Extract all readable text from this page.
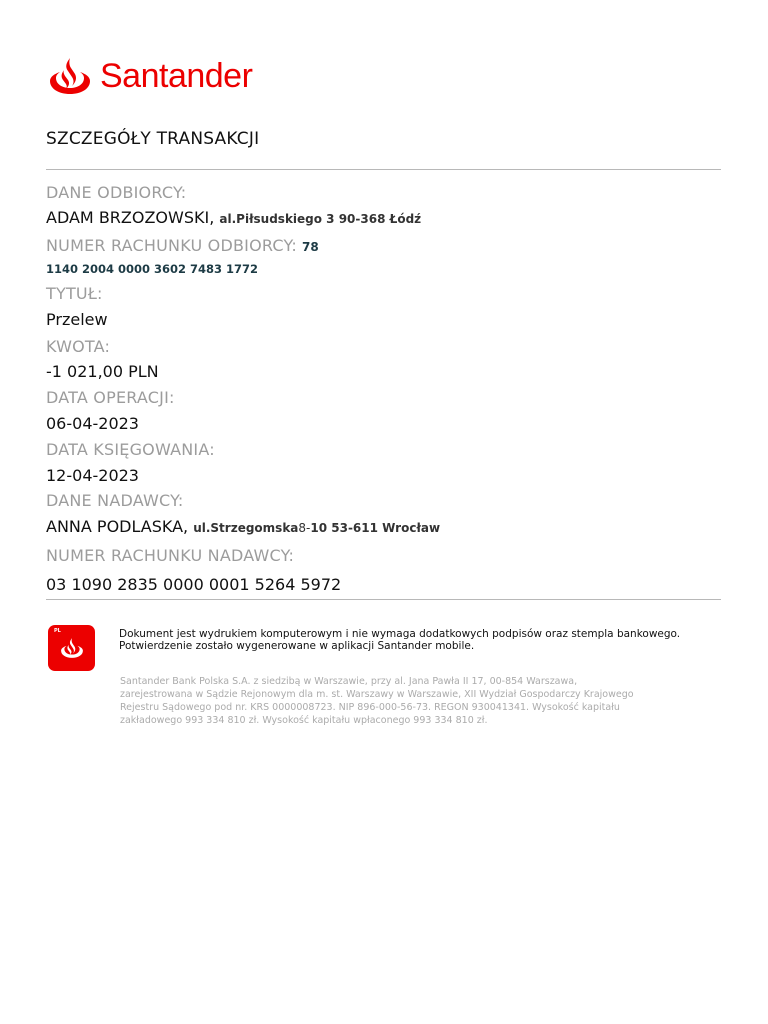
Santander
SZCZEGÓŁY TRANSAKCJI
DANE ODBIORCY:
ADAM BRZOZOWSKI, al.Piłsudskiego 3 90-368 Łódź
NUMER RACHUNKU ODBIORCY: 78
1140 2004 0000 3602 7483 1772
TYTUŁ:
Przelew
KWOTA:
-1 021,00 PLN
DATA OPERACJI:
06-04-2023
DATA KSIĘGOWANIA:
12-04-2023
DANE NADAWCY:
ANNA PODLASKA, ul.Strzegomska8-10 53-611 Wrocław
NUMER RACHUNKU NADAWCY:
03 1090 2835 0000 0001 5264 5972
PL	Dokument jest wydrukiem komputerowym i nie wymaga dodatkowych podpisów oraz stempla bankowego.
Potwierdzenie zostało wygenerowane w aplikacji Santander mobile.
Santander Bank Polska S.A. z siedzibą w Warszawie, przy al. Jana Pawła II 17, 00-854 Warszawa,
zarejestrowana w Sądzie Rejonowym dla m. st. Warszawy w Warszawie, XII Wydział Gospodarczy Krajowego
Rejestru Sądowego pod nr. KRS 0000008723. NIP 896-000-56-73. REGON 930041341. Wysokość kapitału
zakładowego 993 334 810 zł. Wysokość kapitału wpłaconego 993 334 810 zł.
